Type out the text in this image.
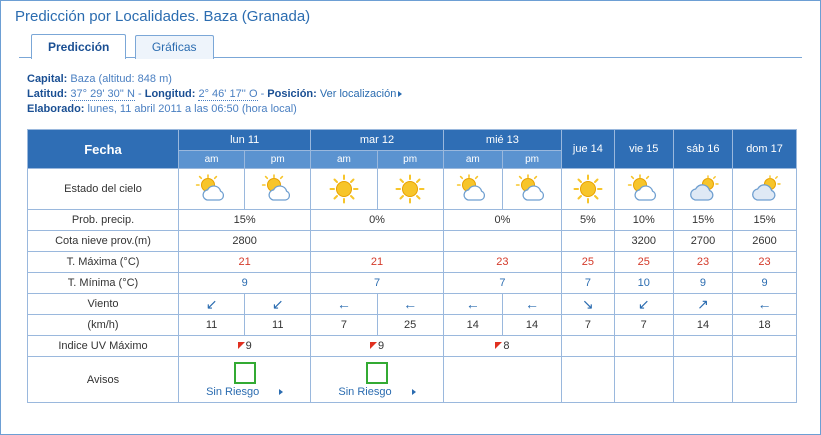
Predicción por Localidades. Baza (Granada)
Predicción	Gráficas
Capital: Baza (altitud: 848 m)
Latitud: 37° 29' 30'' N - Longitud: 2° 46' 17'' O - Posición: Ver localización
Elaborado: lunes, 11 abril 2011 a las 06:50 (hora local)
Fecha	lun 11		mar 12		mié 13		jue 14	vie 15	sáb 16	dom 17
	am	pm	am	pm	am	pm				
Estado del cielo	

Prob. precip.	15%		0%		0%		5%	10%	15%	15%
Cota nieve prov.(m)	2800							3200	2700	2600
T. Máxima (°C)	21		21		23		25	25	23	23
T. Mínima (°C)	9		7		7		7	10	9	9
Viento	↙	↙	←	←	←	←	↘	↙	↗	←
(km/h)	11	11	7	25	14	14	7	7	14	18
Indice UV Máximo	9		9		8					
Avisos	Sin Riesgo		Sin Riesgo							
